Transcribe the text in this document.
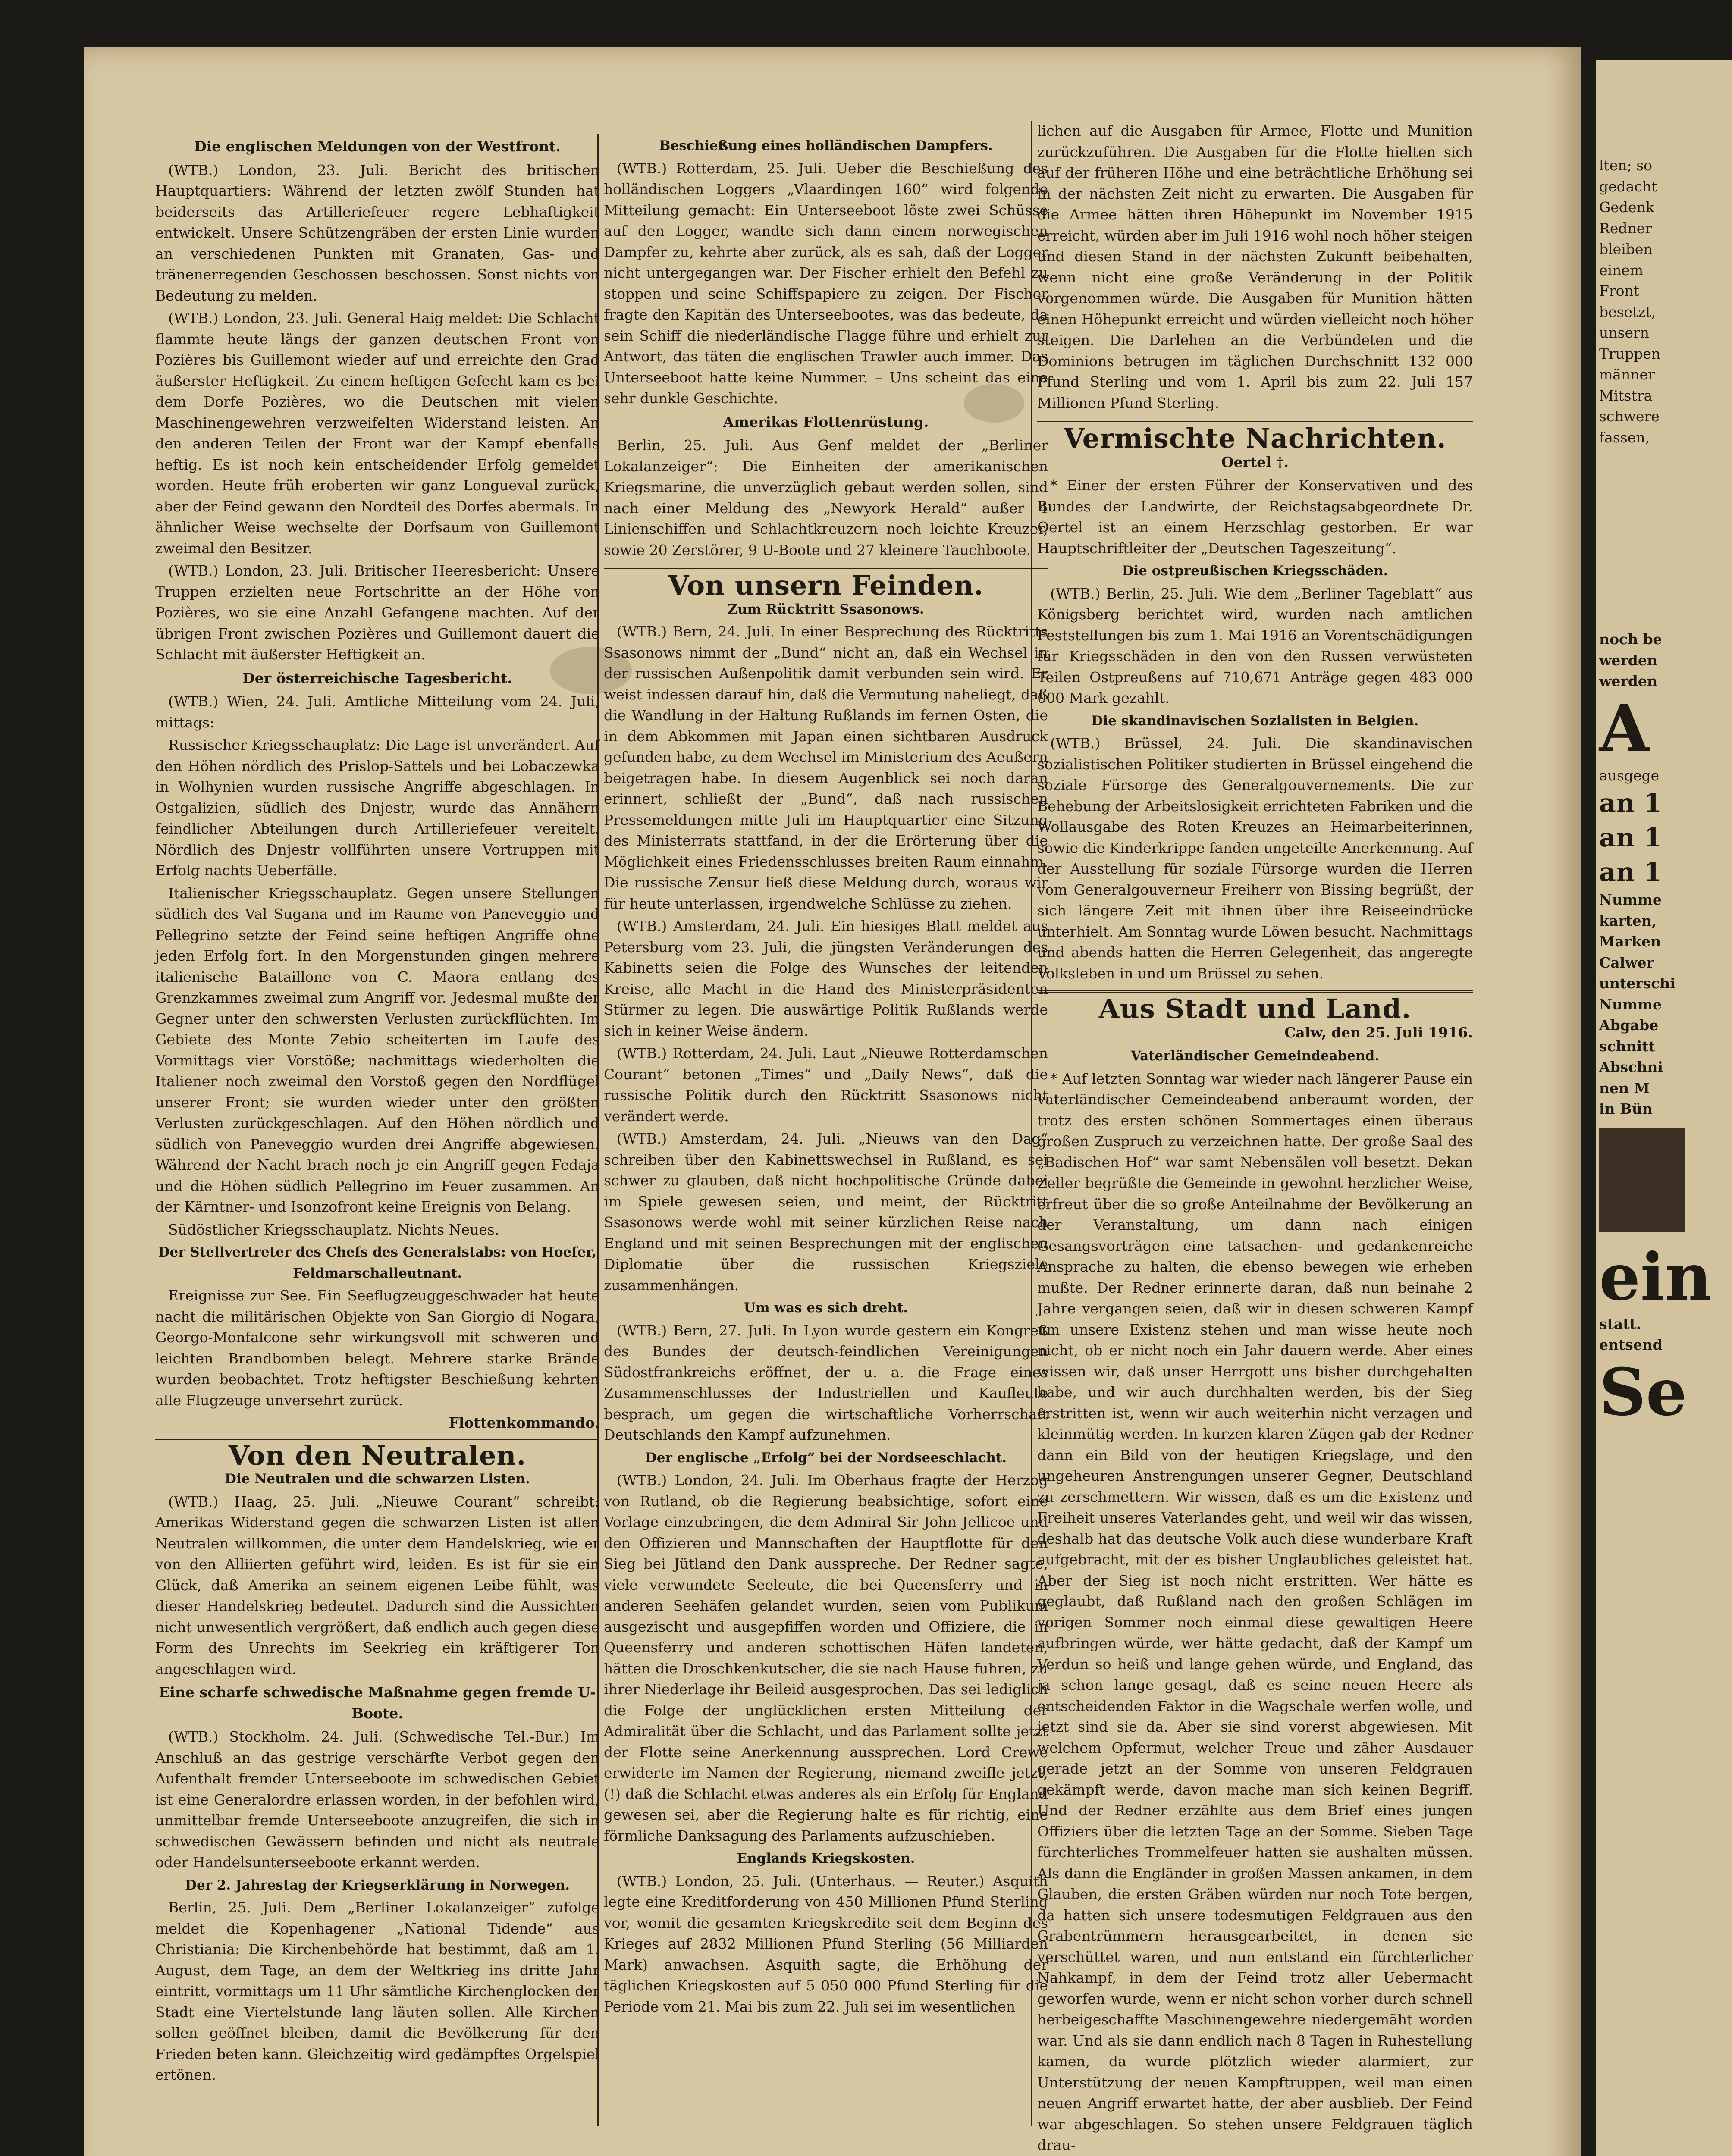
Die englischen Meldungen von der Westfront.

(WTB.) London, 23. Juli. Bericht des britischen Hauptquartiers: Während der letzten zwölf Stunden hat beiderseits das Artilleriefeuer regere Lebhaftigkeit entwickelt. Unsere Schützengräben der ersten Linie wurden an verschiedenen Punkten mit Granaten, Gas- und tränenerregenden Geschossen beschossen. Sonst nichts von Bedeutung zu melden.

(WTB.) London, 23. Juli. General Haig meldet: Die Schlacht flammte heute längs der ganzen deutschen Front von Pozières bis Guillemont wieder auf und erreichte den Grad äußerster Heftigkeit. Zu einem heftigen Gefecht kam es bei dem Dorfe Pozières, wo die Deutschen mit vielen Maschinengewehren verzweifelten Widerstand leisten. An den anderen Teilen der Front war der Kampf ebenfalls heftig. Es ist noch kein entscheidender Erfolg gemeldet worden. Heute früh eroberten wir ganz Longueval zurück, aber der Feind gewann den Nordteil des Dorfes abermals. In ähnlicher Weise wechselte der Dorfsaum von Guillemont zweimal den Besitzer.

(WTB.) London, 23. Juli. Britischer Heeresbericht: Unsere Truppen erzielten neue Fortschritte an der Höhe von Pozières, wo sie eine Anzahl Gefangene machten. Auf der übrigen Front zwischen Pozières und Guillemont dauert die Schlacht mit äußerster Heftigkeit an.

Der österreichische Tagesbericht.

(WTB.) Wien, 24. Juli. Amtliche Mitteilung vom 24. Juli, mittags:

Russischer Kriegsschauplatz: Die Lage ist unverändert. Auf den Höhen nördlich des Prislop-Sattels und bei Lobaczewka in Wolhynien wurden russische Angriffe abgeschlagen. In Ostgalizien, südlich des Dnjestr, wurde das Annähern feindlicher Abteilungen durch Artilleriefeuer vereitelt. Nördlich des Dnjestr vollführten unsere Vortruppen mit Erfolg nachts Ueberfälle.

Italienischer Kriegsschauplatz. Gegen unsere Stellungen südlich des Val Sugana und im Raume von Paneveggio und Pellegrino setzte der Feind seine heftigen Angriffe ohne jeden Erfolg fort. In den Morgenstunden gingen mehrere italienische Bataillone von C. Maora entlang des Grenzkammes zweimal zum Angriff vor. Jedesmal mußte der Gegner unter den schwersten Verlusten zurückflüchten. Im Gebiete des Monte Zebio scheiterten im Laufe des Vormittags vier Vorstöße; nachmittags wiederholten die Italiener noch zweimal den Vorstoß gegen den Nordflügel unserer Front; sie wurden wieder unter den größten Verlusten zurückgeschlagen. Auf den Höhen nördlich und südlich von Paneveggio wurden drei Angriffe abgewiesen. Während der Nacht brach noch je ein Angriff gegen Fedaja und die Höhen südlich Pellegrino im Feuer zusammen. An der Kärntner- und Isonzofront keine Ereignis von Belang.

Südöstlicher Kriegsschauplatz. Nichts Neues.

Der Stellvertreter des Chefs des Generalstabs: von Hoefer, Feldmarschalleutnant.

Ereignisse zur See. Ein Seeflugzeuggeschwader hat heute nacht die militärischen Objekte von San Giorgio di Nogara, Georgo-Monfalcone sehr wirkungsvoll mit schweren und leichten Brandbomben belegt. Mehrere starke Brände wurden beobachtet. Trotz heftigster Beschießung kehrten alle Flugzeuge unversehrt zurück.

Flottenkommando.
Von den Neutralen.
Die Neutralen und die schwarzen Listen.

(WTB.) Haag, 25. Juli. „Nieuwe Courant“ schreibt: Amerikas Widerstand gegen die schwarzen Listen ist allen Neutralen willkommen, die unter dem Handelskrieg, wie er von den Alliierten geführt wird, leiden. Es ist für sie ein Glück, daß Amerika an seinem eigenen Leibe fühlt, was dieser Handelskrieg bedeutet. Dadurch sind die Aussichten nicht unwesentlich vergrößert, daß endlich auch gegen diese Form des Unrechts im Seekrieg ein kräftigerer Ton angeschlagen wird.

Eine scharfe schwedische Maßnahme gegen fremde U-Boote.

(WTB.) Stockholm. 24. Juli. (Schwedische Tel.-Bur.) Im Anschluß an das gestrige verschärfte Verbot gegen den Aufenthalt fremder Unterseeboote im schwedischen Gebiet ist eine Generalordre erlassen worden, in der befohlen wird, unmittelbar fremde Unterseeboote anzugreifen, die sich in schwedischen Gewässern befinden und nicht als neutrale oder Handelsunterseeboote erkannt werden.

Der 2. Jahrestag der Kriegserklärung in Norwegen.

Berlin, 25. Juli. Dem „Berliner Lokalanzeiger“ zufolge meldet die Kopenhagener „National Tidende“ aus Christiania: Die Kirchenbehörde hat bestimmt, daß am 1. August, dem Tage, an dem der Weltkrieg ins dritte Jahr eintritt, vormittags um 11 Uhr sämtliche Kirchenglocken der Stadt eine Viertelstunde lang läuten sollen. Alle Kirchen sollen geöffnet bleiben, damit die Bevölkerung für den Frieden beten kann. Gleichzeitig wird gedämpftes Orgelspiel ertönen.

Beschießung eines holländischen Dampfers.

(WTB.) Rotterdam, 25. Juli. Ueber die Beschießung des holländischen Loggers „Vlaardingen 160“ wird folgende Mitteilung gemacht: Ein Unterseeboot löste zwei Schüsse auf den Logger, wandte sich dann einem norwegischen Dampfer zu, kehrte aber zurück, als es sah, daß der Logger nicht untergegangen war. Der Fischer erhielt den Befehl zu stoppen und seine Schiffspapiere zu zeigen. Der Fischer fragte den Kapitän des Unterseebootes, was das bedeute, da sein Schiff die niederländische Flagge führe und erhielt zur Antwort, das täten die englischen Trawler auch immer. Das Unterseeboot hatte keine Nummer. – Uns scheint das eine sehr dunkle Geschichte.

Amerikas Flottenrüstung.

Berlin, 25. Juli. Aus Genf meldet der „Berliner Lokalanzeiger“: Die Einheiten der amerikanischen Kriegsmarine, die unverzüglich gebaut werden sollen, sind nach einer Meldung des „Newyork Herald“ außer 4 Linienschiffen und Schlachtkreuzern noch leichte Kreuzer, sowie 20 Zerstörer, 9 U-Boote und 27 kleinere Tauchboote.

Von unsern Feinden.
Zum Rücktritt Ssasonows.

(WTB.) Bern, 24. Juli. In einer Besprechung des Rücktritts Ssasonows nimmt der „Bund“ nicht an, daß ein Wechsel in der russischen Außenpolitik damit verbunden sein wird. Er weist indessen darauf hin, daß die Vermutung naheliegt, daß die Wandlung in der Haltung Rußlands im fernen Osten, die in dem Abkommen mit Japan einen sichtbaren Ausdruck gefunden habe, zu dem Wechsel im Ministerium des Aeußern beigetragen habe. In diesem Augenblick sei noch daran erinnert, schließt der „Bund“, daß nach russischen Pressemeldungen mitte Juli im Hauptquartier eine Sitzung des Ministerrats stattfand, in der die Erörterung über die Möglichkeit eines Friedensschlusses breiten Raum einnahm. Die russische Zensur ließ diese Meldung durch, woraus wir für heute unterlassen, irgendwelche Schlüsse zu ziehen.

(WTB.) Amsterdam, 24. Juli. Ein hiesiges Blatt meldet aus Petersburg vom 23. Juli, die jüngsten Veränderungen des Kabinetts seien die Folge des Wunsches der leitenden Kreise, alle Macht in die Hand des Ministerpräsidenten Stürmer zu legen. Die auswärtige Politik Rußlands werde sich in keiner Weise ändern.

(WTB.) Rotterdam, 24. Juli. Laut „Nieuwe Rotterdamschen Courant“ betonen „Times“ und „Daily News“, daß die russische Politik durch den Rücktritt Ssasonows nicht verändert werde.

(WTB.) Amsterdam, 24. Juli. „Nieuws van den Dag“ schreiben über den Kabinettswechsel in Rußland, es sei schwer zu glauben, daß nicht hochpolitische Gründe dabei im Spiele gewesen seien, und meint, der Rücktritt Ssasonows werde wohl mit seiner kürzlichen Reise nach England und mit seinen Besprechungen mit der englischen Diplomatie über die russischen Kriegsziele zusammenhängen.

Um was es sich dreht.

(WTB.) Bern, 27. Juli. In Lyon wurde gestern ein Kongreß des Bundes der deutsch-feindlichen Vereinigungen Südostfrankreichs eröffnet, der u. a. die Frage eines Zusammenschlusses der Industriellen und Kaufleute besprach, um gegen die wirtschaftliche Vorherrschaft Deutschlands den Kampf aufzunehmen.

Der englische „Erfolg“ bei der Nordseeschlacht.

(WTB.) London, 24. Juli. Im Oberhaus fragte der Herzog von Rutland, ob die Regierung beabsichtige, sofort eine Vorlage einzubringen, die dem Admiral Sir John Jellicoe und den Offizieren und Mannschaften der Hauptflotte für den Sieg bei Jütland den Dank ausspreche. Der Redner sagte, viele verwundete Seeleute, die bei Queensferry und in anderen Seehäfen gelandet wurden, seien vom Publikum ausgezischt und ausgepfiffen worden und Offiziere, die in Queensferry und anderen schottischen Häfen landeten, hätten die Droschkenkutscher, die sie nach Hause fuhren, zu ihrer Niederlage ihr Beileid ausgesprochen. Das sei lediglich die Folge der unglücklichen ersten Mitteilung der Admiralität über die Schlacht, und das Parlament sollte jetzt der Flotte seine Anerkennung aussprechen. Lord Crewe erwiderte im Namen der Regierung, niemand zweifle jetzt, (!) daß die Schlacht etwas anderes als ein Erfolg für England gewesen sei, aber die Regierung halte es für richtig, eine förmliche Danksagung des Parlaments aufzuschieben.

Englands Kriegskosten.

(WTB.) London, 25. Juli. (Unterhaus. — Reuter.) Asquith legte eine Kreditforderung von 450 Millionen Pfund Sterling vor, womit die gesamten Kriegskredite seit dem Beginn des Krieges auf 2832 Millionen Pfund Sterling (56 Milliarden Mark) anwachsen. Asquith sagte, die Erhöhung der täglichen Kriegskosten auf 5 050 000 Pfund Sterling für die Periode vom 21. Mai bis zum 22. Juli sei im wesentlichen

lichen auf die Ausgaben für Armee, Flotte und Munition zurückzuführen. Die Ausgaben für die Flotte hielten sich auf der früheren Höhe und eine beträchtliche Erhöhung sei in der nächsten Zeit nicht zu erwarten. Die Ausgaben für die Armee hätten ihren Höhepunkt im November 1915 erreicht, würden aber im Juli 1916 wohl noch höher steigen und diesen Stand in der nächsten Zukunft beibehalten, wenn nicht eine große Veränderung in der Politik vorgenommen würde. Die Ausgaben für Munition hätten einen Höhepunkt erreicht und würden vielleicht noch höher steigen. Die Darlehen an die Verbündeten und die Dominions betrugen im täglichen Durchschnitt 132 000 Pfund Sterling und vom 1. April bis zum 22. Juli 157 Millionen Pfund Sterling.

Vermischte Nachrichten.
Oertel †.

* Einer der ersten Führer der Konservativen und des Bundes der Landwirte, der Reichstagsabgeordnete Dr. Oertel ist an einem Herzschlag gestorben. Er war Hauptschriftleiter der „Deutschen Tageszeitung“.

Die ostpreußischen Kriegsschäden.

(WTB.) Berlin, 25. Juli. Wie dem „Berliner Tageblatt“ aus Königsberg berichtet wird, wurden nach amtlichen Feststellungen bis zum 1. Mai 1916 an Vorentschädigungen für Kriegsschäden in den von den Russen verwüsteten Teilen Ostpreußens auf 710,671 Anträge gegen 483 000 000 Mark gezahlt.

Die skandinavischen Sozialisten in Belgien.

(WTB.) Brüssel, 24. Juli. Die skandinavischen sozialistischen Politiker studierten in Brüssel eingehend die soziale Fürsorge des Generalgouvernements. Die zur Behebung der Arbeitslosigkeit errichteten Fabriken und die Wollausgabe des Roten Kreuzes an Heimarbeiterinnen, sowie die Kinderkrippe fanden ungeteilte Anerkennung. Auf der Ausstellung für soziale Fürsorge wurden die Herren vom Generalgouverneur Freiherr von Bissing begrüßt, der sich längere Zeit mit ihnen über ihre Reiseeindrücke unterhielt. Am Sonntag wurde Löwen besucht. Nachmittags und abends hatten die Herren Gelegenheit, das angeregte Volksleben in und um Brüssel zu sehen.

Aus Stadt und Land.
Calw, den 25. Juli 1916.
Vaterländischer Gemeindeabend.

* Auf letzten Sonntag war wieder nach längerer Pause ein vaterländischer Gemeindeabend anberaumt worden, der trotz des ersten schönen Sommertages einen überaus großen Zuspruch zu verzeichnen hatte. Der große Saal des „Badischen Hof“ war samt Nebensälen voll besetzt. Dekan Zeller begrüßte die Gemeinde in gewohnt herzlicher Weise, erfreut über die so große Anteilnahme der Bevölkerung an der Veranstaltung, um dann nach einigen Gesangsvorträgen eine tatsachen- und gedankenreiche Ansprache zu halten, die ebenso bewegen wie erheben mußte. Der Redner erinnerte daran, daß nun beinahe 2 Jahre vergangen seien, daß wir in diesen schweren Kampf um unsere Existenz stehen und man wisse heute noch nicht, ob er nicht noch ein Jahr dauern werde. Aber eines wissen wir, daß unser Herrgott uns bisher durchgehalten habe, und wir auch durchhalten werden, bis der Sieg erstritten ist, wenn wir auch weiterhin nicht verzagen und kleinmütig werden. In kurzen klaren Zügen gab der Redner dann ein Bild von der heutigen Kriegslage, und den ungeheuren Anstrengungen unserer Gegner, Deutschland zu zerschmettern. Wir wissen, daß es um die Existenz und Freiheit unseres Vaterlandes geht, und weil wir das wissen, deshalb hat das deutsche Volk auch diese wunderbare Kraft aufgebracht, mit der es bisher Unglaubliches geleistet hat. Aber der Sieg ist noch nicht erstritten. Wer hätte es geglaubt, daß Rußland nach den großen Schlägen im vorigen Sommer noch einmal diese gewaltigen Heere aufbringen würde, wer hätte gedacht, daß der Kampf um Verdun so heiß und lange gehen würde, und England, das ja schon lange gesagt, daß es seine neuen Heere als entscheidenden Faktor in die Wagschale werfen wolle, und jetzt sind sie da. Aber sie sind vorerst abgewiesen. Mit welchem Opfermut, welcher Treue und zäher Ausdauer gerade jetzt an der Somme von unseren Feldgrauen gekämpft werde, davon mache man sich keinen Begriff. Und der Redner erzählte aus dem Brief eines jungen Offiziers über die letzten Tage an der Somme. Sieben Tage fürchterliches Trommelfeuer hatten sie aushalten müssen. Als dann die Engländer in großen Massen ankamen, in dem Glauben, die ersten Gräben würden nur noch Tote bergen, da hatten sich unsere todesmutigen Feldgrauen aus den Grabentrümmern herausgearbeitet, in denen sie verschüttet waren, und nun entstand ein fürchterlicher Nahkampf, in dem der Feind trotz aller Uebermacht geworfen wurde, wenn er nicht schon vorher durch schnell herbeigeschaffte Maschinengewehre niedergemäht worden war. Und als sie dann endlich nach 8 Tagen in Ruhestellung kamen, da wurde plötzlich wieder alarmiert, zur Unterstützung der neuen Kampftruppen, weil man einen neuen Angriff erwartet hatte, der aber ausblieb. Der Feind war abgeschlagen. So stehen unsere Feldgrauen täglich drau-

lten; so
gedacht
Gedenk
Redner
bleiben
einem
Front
besetzt,
unsern
Truppen
männer
Mitstra
schwere
fassen,
noch be
werden
werden
A
ausgege
an 1
an 1
an 1
Numme
karten,
Marken
Calwer
unterschi
Numme
Abgabe
schnitt
Abschni
nen M
in Bün
ein
statt.
entsend
Se
